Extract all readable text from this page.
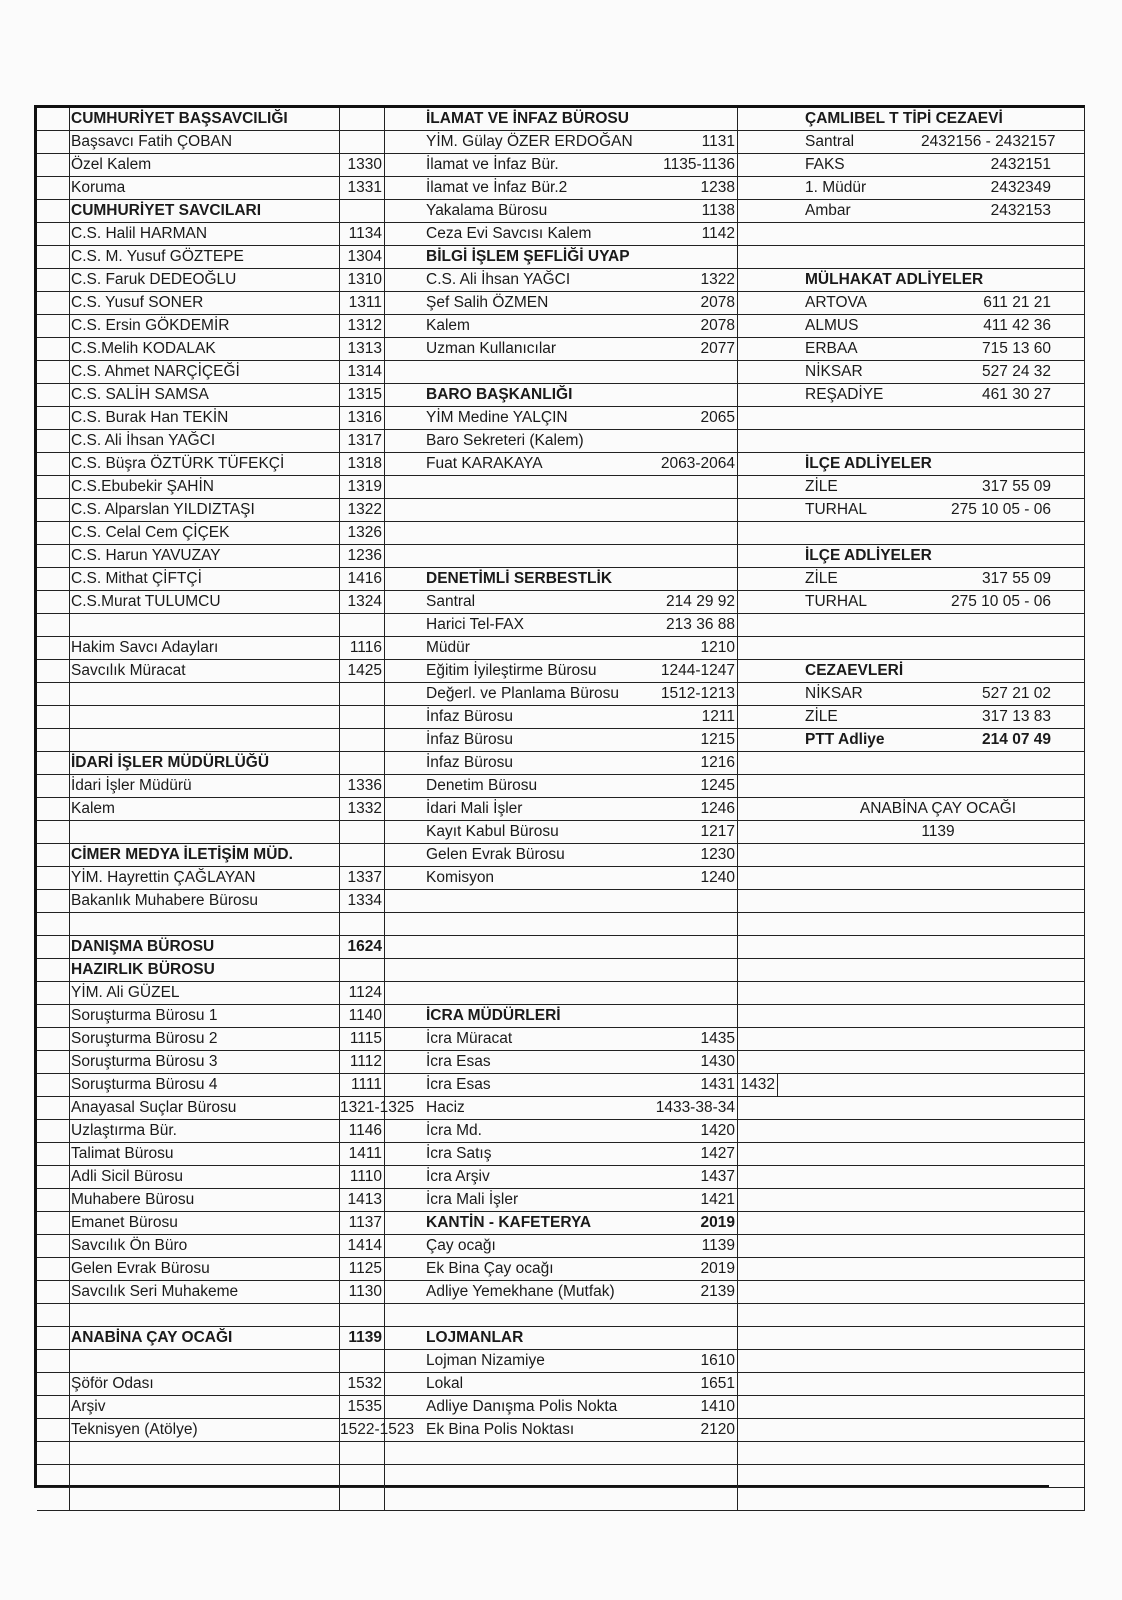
CUMHURİYET BAŞSAVCILIĞI
Başsavcı Fatih ÇOBAN
Özel Kalem	1330
Koruma	1331
CUMHURİYET SAVCILARI
C.S. Halil HARMAN	1134
C.S. M. Yusuf GÖZTEPE	1304
C.S. Faruk DEDEOĞLU	1310
C.S. Yusuf SONER	1311
C.S. Ersin GÖKDEMİR	1312
C.S.Melih KODALAK	1313
C.S. Ahmet NARÇİÇEĞİ	1314
C.S. SALİH SAMSA	1315
C.S. Burak Han TEKİN	1316
C.S. Ali İhsan YAĞCI	1317
C.S. Büşra ÖZTÜRK TÜFEKÇİ	1318
C.S.Ebubekir ŞAHİN	1319
C.S. Alparslan YILDIZTAŞI	1322
C.S. Celal Cem ÇİÇEK	1326
C.S. Harun YAVUZAY	1236
C.S. Mithat ÇİFTÇİ	1416
C.S.Murat TULUMCU	1324
Hakim Savcı Adayları	1116
Savcılık Müracat	1425
İDARİ İŞLER MÜDÜRLÜĞÜ
İdari İşler Müdürü	1336
Kalem	1332
CİMER MEDYA İLETİŞİM MÜD.
YİM. Hayrettin ÇAĞLAYAN	1337
Bakanlık Muhabere Bürosu	1334
DANIŞMA BÜROSU	1624
HAZIRLIK BÜROSU
YİM. Ali GÜZEL	1124
Soruşturma Bürosu 1	1140
Soruşturma Bürosu 2	1115
Soruşturma Bürosu 3	1112
Soruşturma Bürosu 4	1111
Anayasal Suçlar Bürosu	1321-1325
Uzlaştırma Bür.	1146
Talimat Bürosu	1411
Adli Sicil Bürosu	1110
Muhabere Bürosu	1413
Emanet Bürosu	1137
Savcılık Ön Büro	1414
Gelen Evrak Bürosu	1125
Savcılık Seri Muhakeme	1130
ANABİNA ÇAY OCAĞI	1139
Şöför Odası	1532
Arşiv	1535
Teknisyen (Atölye)	1522-1523
İLAMAT VE İNFAZ BÜROSU
YİM. Gülay ÖZER ERDOĞAN	1131
İlamat ve İnfaz Bür.	1135-1136
İlamat ve İnfaz Bür.2	1238
Yakalama Bürosu	1138
Ceza Evi Savcısı Kalem	1142
BİLGİ İŞLEM ŞEFLİĞİ UYAP
C.S. Ali İhsan YAĞCI	1322
Şef Salih ÖZMEN	2078
Kalem	2078
Uzman Kullanıcılar	2077
BARO BAŞKANLIĞI
YİM Medine YALÇIN	2065
Baro Sekreteri (Kalem)
Fuat KARAKAYA	2063-2064
DENETİMLİ SERBESTLİK
Santral	214 29 92
Harici Tel-FAX	213 36 88
Müdür	1210
Eğitim İyileştirme Bürosu	1244-1247
Değerl. ve Planlama Bürosu	1512-1213
İnfaz Bürosu	1211
İnfaz Bürosu	1215
İnfaz Bürosu	1216
Denetim Bürosu	1245
İdari Mali İşler	1246
Kayıt Kabul Bürosu	1217
Gelen Evrak Bürosu	1230
Komisyon	1240
İCRA MÜDÜRLERİ
İcra Müracat	1435
İcra Esas	1430
İcra Esas	1431 1432
Haciz	1433-38-34
İcra Md.	1420
İcra Satış	1427
İcra Arşiv	1437
İcra Mali İşler	1421
KANTİN - KAFETERYA	2019
Çay ocağı	1139
Ek Bina Çay ocağı	2019
Adliye Yemekhane (Mutfak)	2139
LOJMANLAR
Lojman Nizamiye	1610
Lokal	1651
Adliye Danışma Polis Nokta	1410
Ek Bina Polis Noktası	2120
ÇAMLIBEL T TİPİ CEZAEVİ
Santral	2432156 - 2432157
FAKS	2432151
1. Müdür	2432349
Ambar	2432153
MÜLHAKAT ADLİYELER
ARTOVA	611 21 21
ALMUS	411 42 36
ERBAA	715 13 60
NİKSAR	527 24 32
REŞADİYE	461 30 27
İLÇE ADLİYELER
ZİLE	317 55 09
TURHAL	275 10 05 - 06
İLÇE ADLİYELER
ZİLE	317 55 09
TURHAL	275 10 05 - 06
CEZAEVLERİ
NİKSAR	527 21 02
ZİLE	317 13 83
PTT Adliye	214 07 49
ANABİNA ÇAY OCAĞI
1139
